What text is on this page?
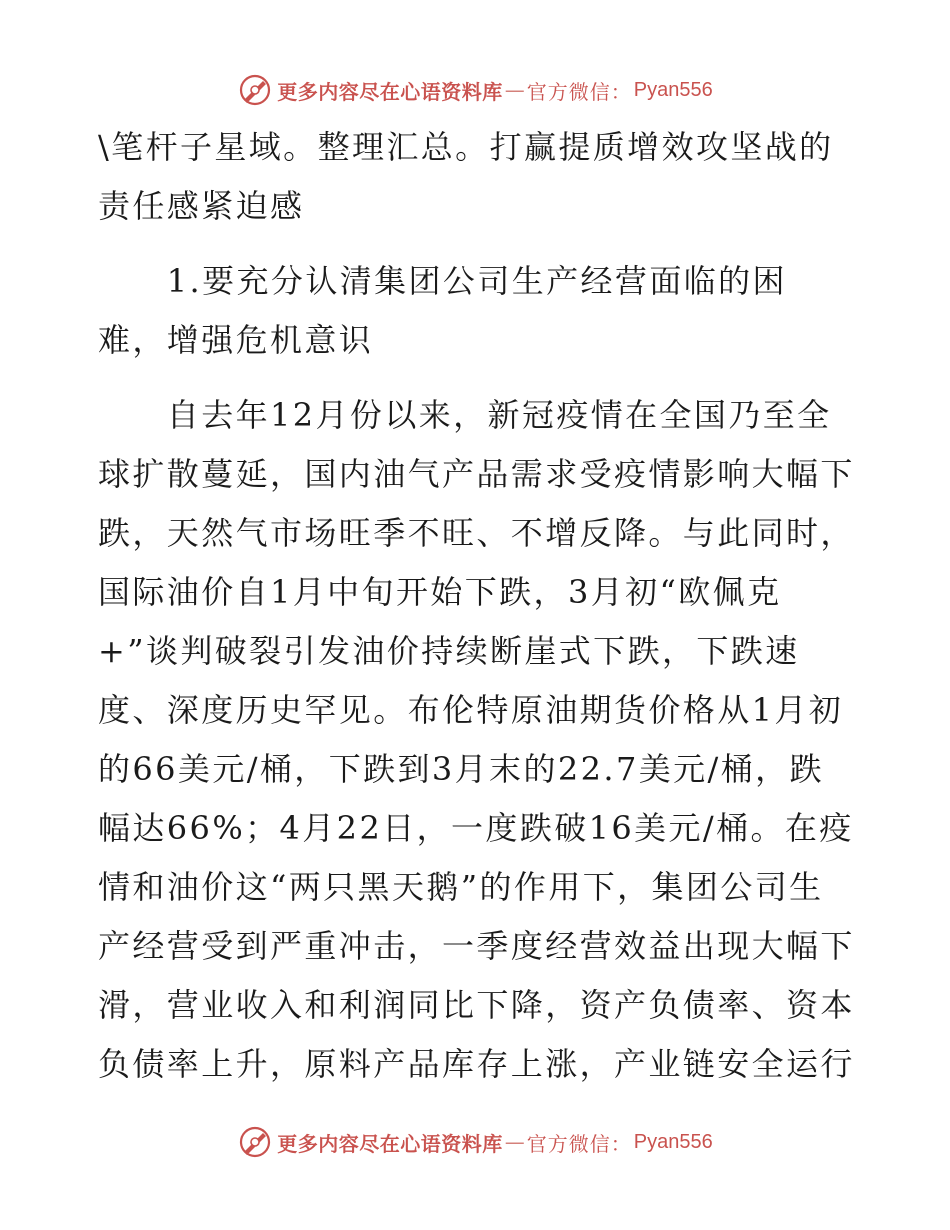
更多内容尽在心语资料库 — 官方微信： Pyan556
\笔杆子星域。整理汇总。打赢提质增效攻坚战的
责任感紧迫感
　　1.要充分认清集团公司生产经营面临的困
难，增强危机意识
　　自去年12月份以来，新冠疫情在全国乃至全
球扩散蔓延，国内油气产品需求受疫情影响大幅下
跌，天然气市场旺季不旺、不增反降。与此同时，
国际油价自1月中旬开始下跌，3月初“欧佩克
+”谈判破裂引发油价持续断崖式下跌，下跌速
度、深度历史罕见。布伦特原油期货价格从1月初
的66美元/桶，下跌到3月末的22.7美元/桶，跌
幅达66%；4月22日，一度跌破16美元/桶。在疫
情和油价这“两只黑天鹅”的作用下，集团公司生
产经营受到严重冲击，一季度经营效益出现大幅下
滑，营业收入和利润同比下降，资产负债率、资本
负债率上升，原料产品库存上涨，产业链安全运行
更多内容尽在心语资料库 — 官方微信： Pyan556
